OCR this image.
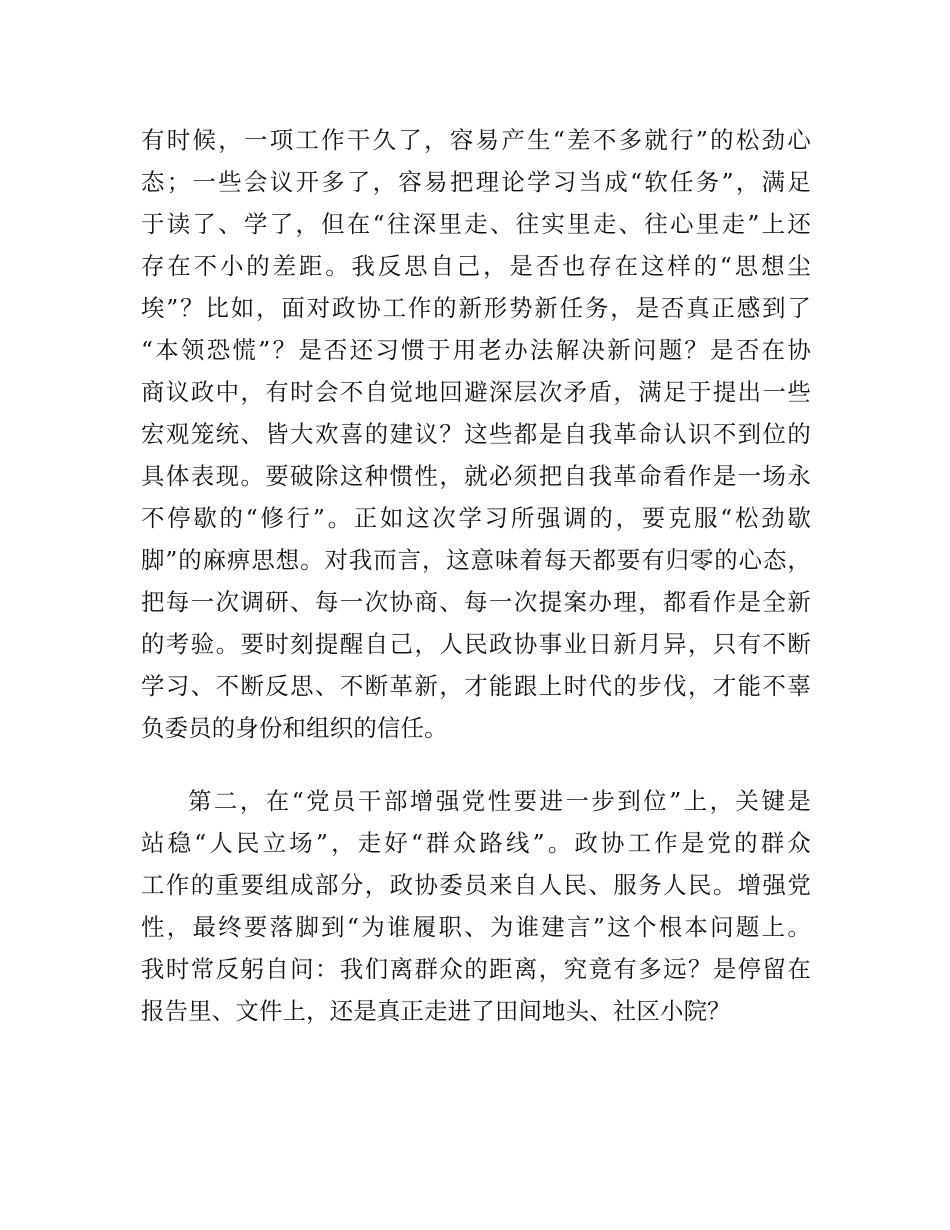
有时候，一项工作干久了，容易产生“差不多就行”的松劲心
态；一些会议开多了，容易把理论学习当成“软任务”，满足
于读了、学了，但在“往深里走、往实里走、往心里走”上还
存在不小的差距。我反思自己，是否也存在这样的“思想尘
埃”？比如，面对政协工作的新形势新任务，是否真正感到了
“本领恐慌”？是否还习惯于用老办法解决新问题？是否在协
商议政中，有时会不自觉地回避深层次矛盾，满足于提出一些
宏观笼统、皆大欢喜的建议？这些都是自我革命认识不到位的
具体表现。要破除这种惯性，就必须把自我革命看作是一场永
不停歇的“修行”。正如这次学习所强调的，要克服“松劲歇
脚”的麻痹思想。对我而言，这意味着每天都要有归零的心态，
把每一次调研、每一次协商、每一次提案办理，都看作是全新
的考验。要时刻提醒自己，人民政协事业日新月异，只有不断
学习、不断反思、不断革新，才能跟上时代的步伐，才能不辜
负委员的身份和组织的信任。
第二，在“党员干部增强党性要进一步到位”上，关键是
站稳“人民立场”，走好“群众路线”。政协工作是党的群众
工作的重要组成部分，政协委员来自人民、服务人民。增强党
性，最终要落脚到“为谁履职、为谁建言”这个根本问题上。
我时常反躬自问：我们离群众的距离，究竟有多远？是停留在
报告里、文件上，还是真正走进了田间地头、社区小院？
